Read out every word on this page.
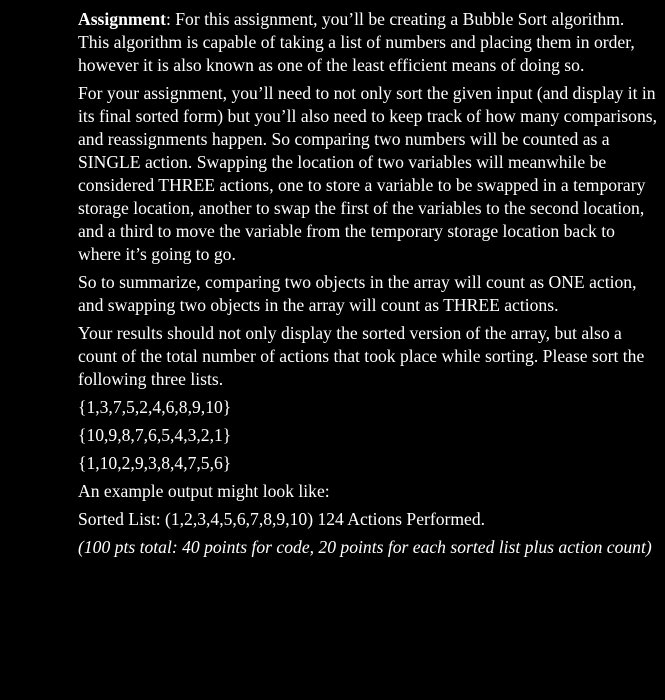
Assignment: For this assignment, you’ll be creating a Bubble Sort algorithm. This algorithm is capable of taking a list of numbers and placing them in order, however it is also known as one of the least efficient means of doing so.

For your assignment, you’ll need to not only sort the given input (and display it in its final sorted form) but you’ll also need to keep track of how many comparisons, and reassignments happen. So comparing two numbers will be counted as a SINGLE action. Swapping the location of two variables will meanwhile be considered THREE actions, one to store a variable to be swapped in a temporary storage location, another to swap the first of the variables to the second location, and a third to move the variable from the temporary storage location back to where it’s going to go.

So to summarize, comparing two objects in the array will count as ONE action, and swapping two objects in the array will count as THREE actions.

Your results should not only display the sorted version of the array, but also a count of the total number of actions that took place while sorting. Please sort the following three lists.

{1,3,7,5,2,4,6,8,9,10}

{10,9,8,7,6,5,4,3,2,1}

{1,10,2,9,3,8,4,7,5,6}

An example output might look like:

Sorted List: (1,2,3,4,5,6,7,8,9,10) 124 Actions Performed.

(100 pts total: 40 points for code, 20 points for each sorted list plus action count)
